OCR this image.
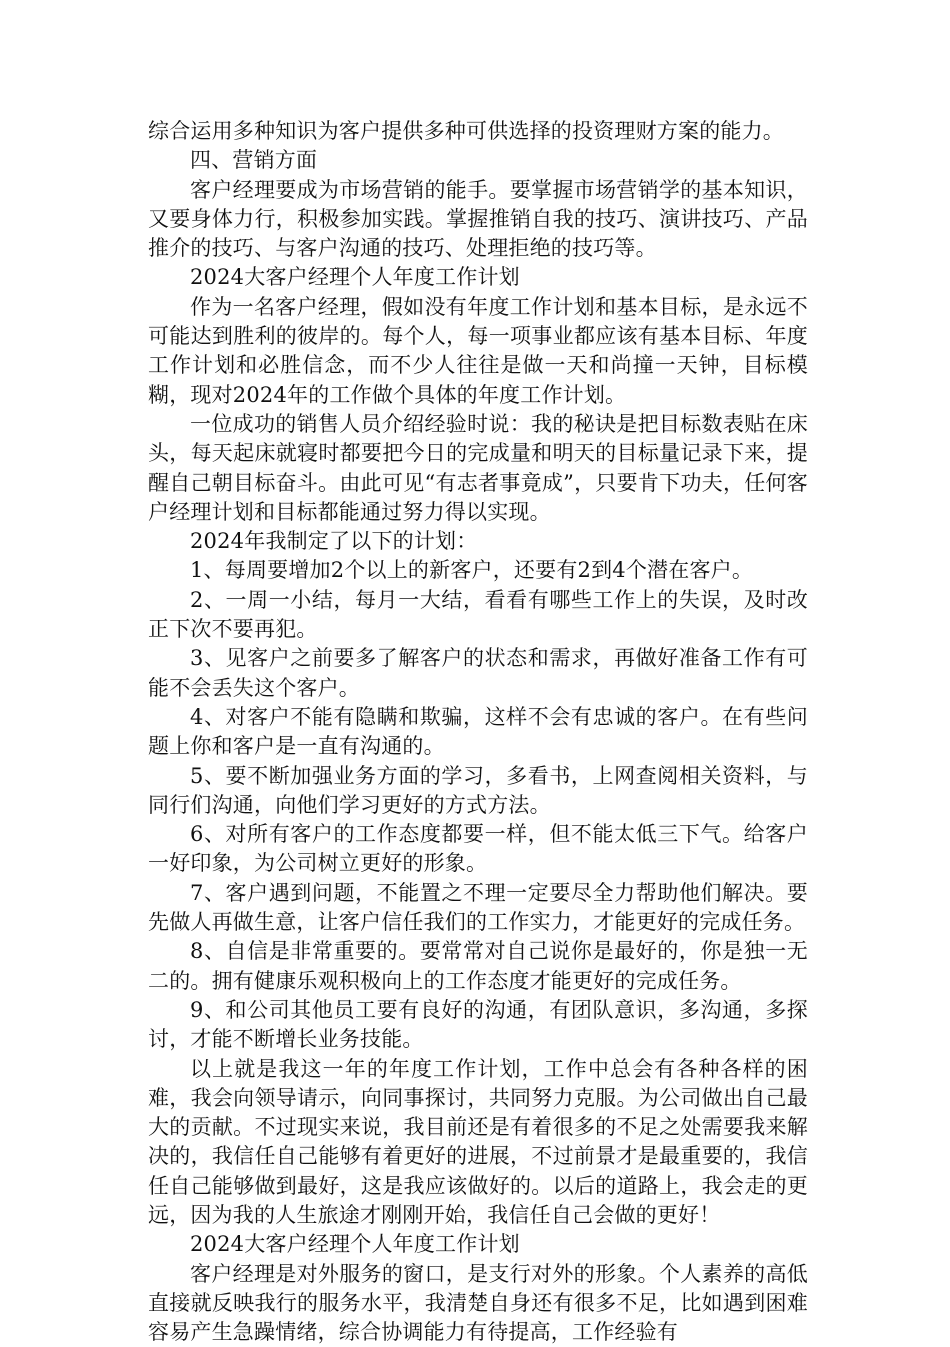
综合运用多种知识为客户提供多种可供选择的投资理财方案的能力。

四、营销方面

客户经理要成为市场营销的能手。要掌握市场营销学的基本知识，又要身体力行，积极参加实践。掌握推销自我的技巧、演讲技巧、产品推介的技巧、与客户沟通的技巧、处理拒绝的技巧等。

2024大客户经理个人年度工作计划

作为一名客户经理，假如没有年度工作计划和基本目标，是永远不可能达到胜利的彼岸的。每个人，每一项事业都应该有基本目标、年度工作计划和必胜信念，而不少人往往是做一天和尚撞一天钟，目标模糊，现对2024年的工作做个具体的年度工作计划。

一位成功的销售人员介绍经验时说：我的秘诀是把目标数表贴在床头，每天起床就寝时都要把今日的完成量和明天的目标量记录下来，提醒自己朝目标奋斗。由此可见“有志者事竟成”，只要肯下功夫，任何客户经理计划和目标都能通过努力得以实现。

2024年我制定了以下的计划：

1、每周要增加2个以上的新客户，还要有2到4个潜在客户。

2、一周一小结，每月一大结，看看有哪些工作上的失误，及时改正下次不要再犯。

3、见客户之前要多了解客户的状态和需求，再做好准备工作有可能不会丢失这个客户。

4、对客户不能有隐瞒和欺骗，这样不会有忠诚的客户。在有些问题上你和客户是一直有沟通的。

5、要不断加强业务方面的学习，多看书，上网查阅相关资料，与同行们沟通，向他们学习更好的方式方法。

6、对所有客户的工作态度都要一样，但不能太低三下气。给客户一好印象，为公司树立更好的形象。

7、客户遇到问题，不能置之不理一定要尽全力帮助他们解决。要先做人再做生意，让客户信任我们的工作实力，才能更好的完成任务。

8、自信是非常重要的。要常常对自己说你是最好的，你是独一无二的。拥有健康乐观积极向上的工作态度才能更好的完成任务。

9、和公司其他员工要有良好的沟通，有团队意识，多沟通，多探讨，才能不断增长业务技能。

以上就是我这一年的年度工作计划，工作中总会有各种各样的困难，我会向领导请示，向同事探讨，共同努力克服。为公司做出自己最大的贡献。不过现实来说，我目前还是有着很多的不足之处需要我来解决的，我信任自己能够有着更好的进展，不过前景才是最重要的，我信任自己能够做到最好，这是我应该做好的。以后的道路上，我会走的更远，因为我的人生旅途才刚刚开始，我信任自己会做的更好！

2024大客户经理个人年度工作计划

客户经理是对外服务的窗口，是支行对外的形象。个人素养的高低直接就反映我行的服务水平，我清楚自身还有很多不足，比如遇到困难容易产生急躁情绪，综合协调能力有待提高，工作经验有
